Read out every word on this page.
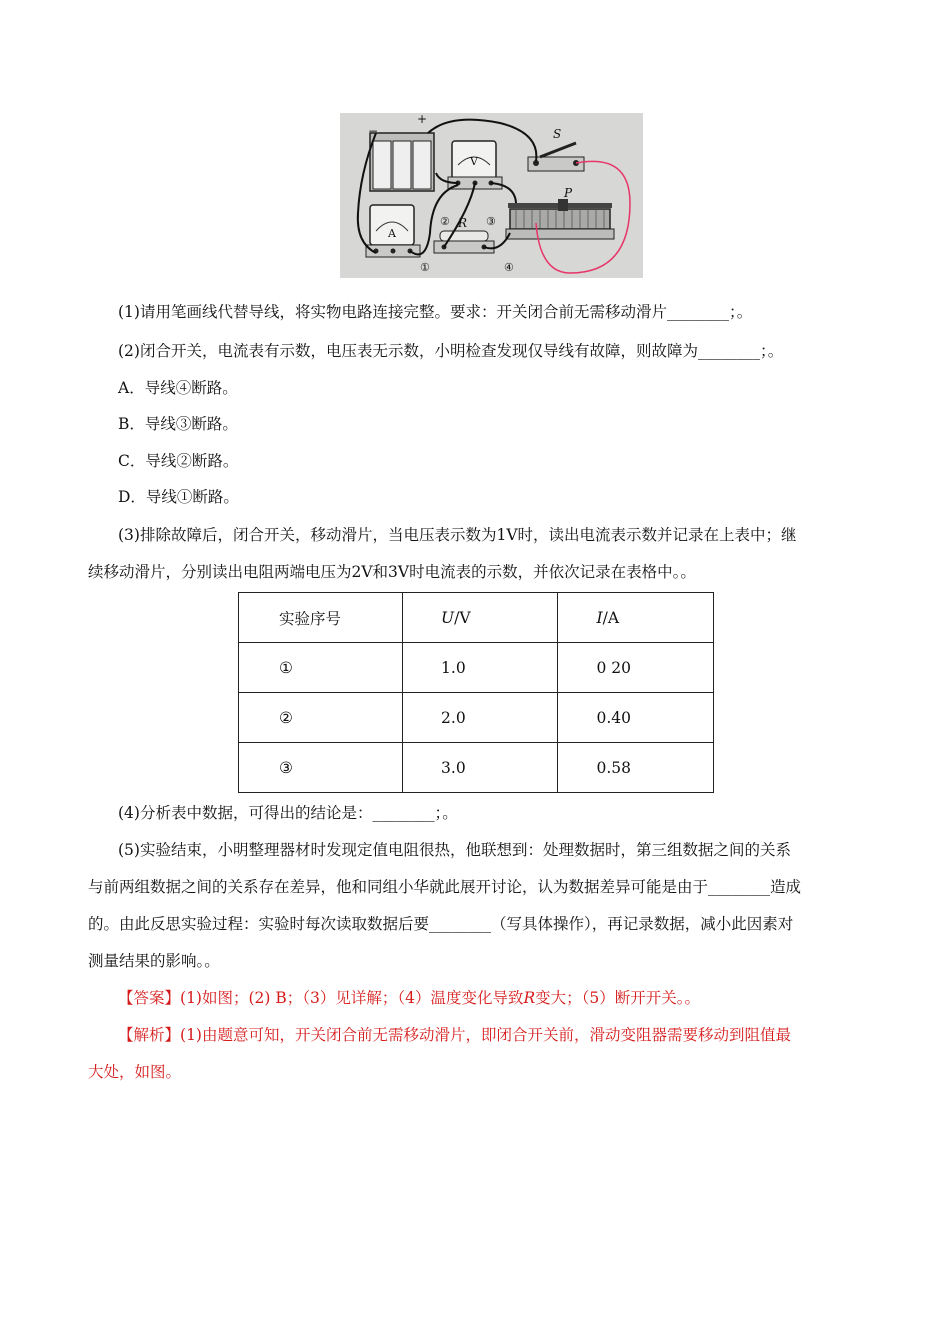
−
+
V
S
A
R
P
①
②	③
④
(1)请用笔画线代替导线，将实物电路连接完整。要求：开关闭合前无需移动滑片________；。
(2)闭合开关，电流表有示数，电压表无示数，小明检查发现仅导线有故障，则故障为________；。
A．导线④断路。
B．导线③断路。
C．导线②断路。
D．导线①断路。
(3)排除故障后，闭合开关，移动滑片，当电压表示数为1V时，读出电流表示数并记录在上表中；继
续移动滑片，分别读出电阻两端电压为2V和3V时电流表的示数，并依次记录在表格中。。
实验序号	U/V	I/A
①	1.0	0 20
②	2.0	0.40
③	3.0	0.58
(4)分析表中数据，可得出的结论是：________；。
(5)实验结束，小明整理器材时发现定值电阻很热，他联想到：处理数据时，第三组数据之间的关系
与前两组数据之间的关系存在差异，他和同组小华就此展开讨论，认为数据差异可能是由于________造成
的。由此反思实验过程：实验时每次读取数据后要________（写具体操作），再记录数据，减小此因素对
测量结果的影响。。
【答案】(1)如图；(2) B；（3）见详解；（4）温度变化导致R变大；（5）断开开关。。
【解析】(1)由题意可知，开关闭合前无需移动滑片，即闭合开关前，滑动变阻器需要移动到阻值最
大处，如图。
